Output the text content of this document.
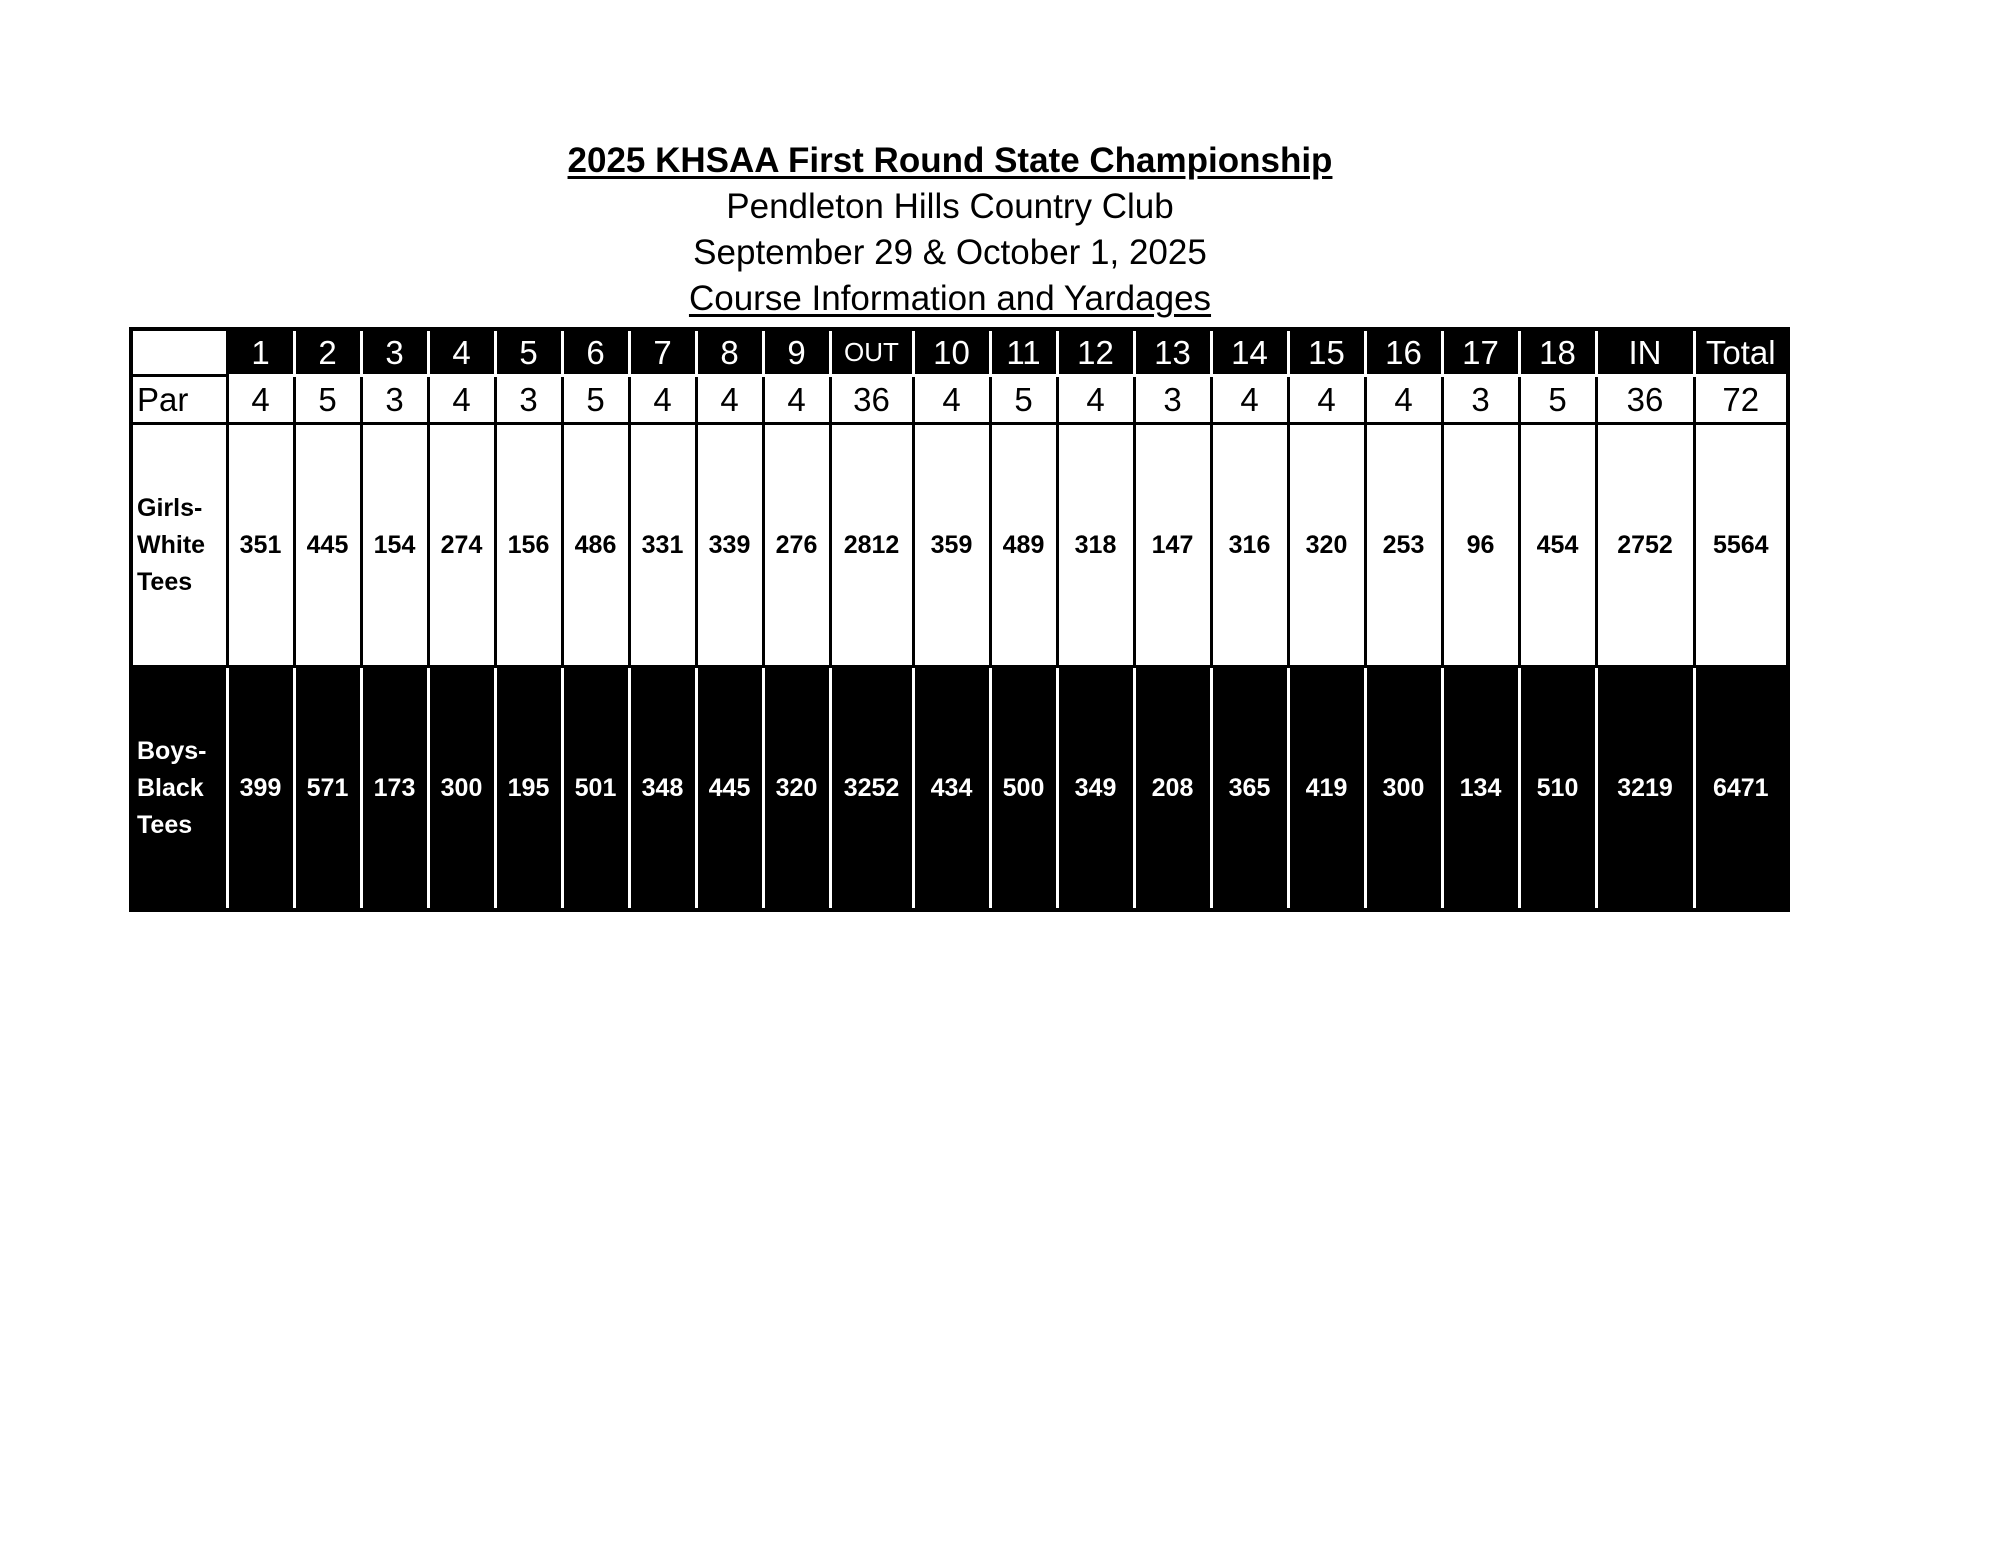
2025 KHSAA First Round State Championship
Pendleton Hills Country Club
September 29 & October 1, 2025
Course Information and Yardages
	1	2	3	4	5	6	7	8	9	OUT	10	11	12	13	14	15	16	17	18	IN	Total
Par	4	5	3	4	3	5	4	4	4	36	4	5	4	3	4	4	4	3	5	36	72
Girls-
White
Tees	351	445	154	274	156	486	331	339	276	2812	359	489	318	147	316	320	253	96	454	2752	5564
Boys-
Black
Tees	399	571	173	300	195	501	348	445	320	3252	434	500	349	208	365	419	300	134	510	3219	6471
